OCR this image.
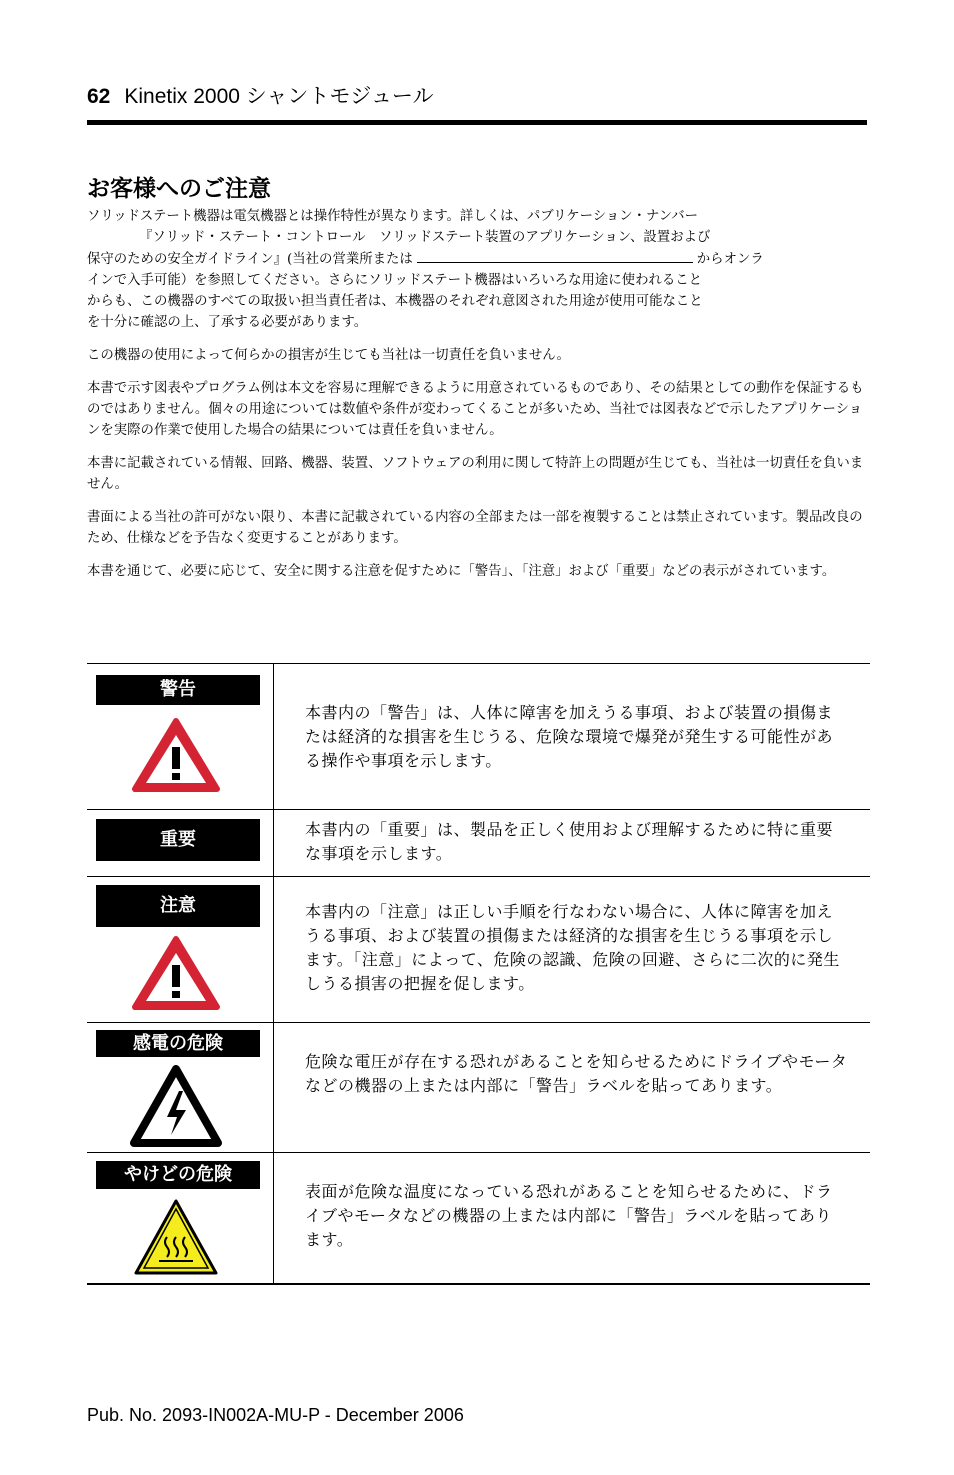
62 Kinetix 2000 シャントモジュール
お客様へのご注意

ソリッドステート機器は電気機器とは操作特性が異なります。詳しくは、パブリケーション・ナンバー
『ソリッド・ステート・コントロール　ソリッドステート装置のアプリケーション、設置および
保守のための安全ガイドライン』(当社の営業所または	からオンラ
インで入手可能）を参照してください。さらにソリッドステート機器はいろいろな用途に使われること
からも、この機器のすべての取扱い担当責任者は、本機器のそれぞれ意図された用途が使用可能なこと
を十分に確認の上、了承する必要があります。

この機器の使用によって何らかの損害が生じても当社は一切責任を負いません。

本書で示す図表やプログラム例は本文を容易に理解できるように用意されているものであり、その結果としての動作を保証するものではありません。個々の用途については数値や条件が変わってくることが多いため、当社では図表などで示したアプリケーションを実際の作業で使用した場合の結果については責任を負いません。

本書に記載されている情報、回路、機器、装置、ソフトウェアの利用に関して特許上の問題が生じても、当社は一切責任を負いません。

書面による当社の許可がない限り、本書に記載されている内容の全部または一部を複製することは禁止されています。製品改良のため、仕様などを予告なく変更することがあります。

本書を通じて、必要に応じて、安全に関する注意を促すために「警告」、「注意」および「重要」などの表示がされています。

警告	本書内の「警告」は、人体に障害を加えうる事項、および装置の損傷または経済的な損害を生じうる、危険な環境で爆発が発生する可能性がある操作や事項を示します。

重要	本書内の「重要」は、製品を正しく使用および理解するために特に重要な事項を示します。

注意	本書内の「注意」は正しい手順を行なわない場合に、人体に障害を加えうる事項、および装置の損傷または経済的な損害を生じうる事項を示します。「注意」によって、危険の認識、危険の回避、さらに二次的に発生しうる損害の把握を促します。

感電の危険	危険な電圧が存在する恐れがあることを知らせるためにドライブやモータなどの機器の上または内部に「警告」ラベルを貼ってあります。

やけどの危険	表面が危険な温度になっている恐れがあることを知らせるために、ドライブやモータなどの機器の上または内部に「警告」ラベルを貼ってあります。
Pub. No. 2093-IN002A-MU-P - December 2006
